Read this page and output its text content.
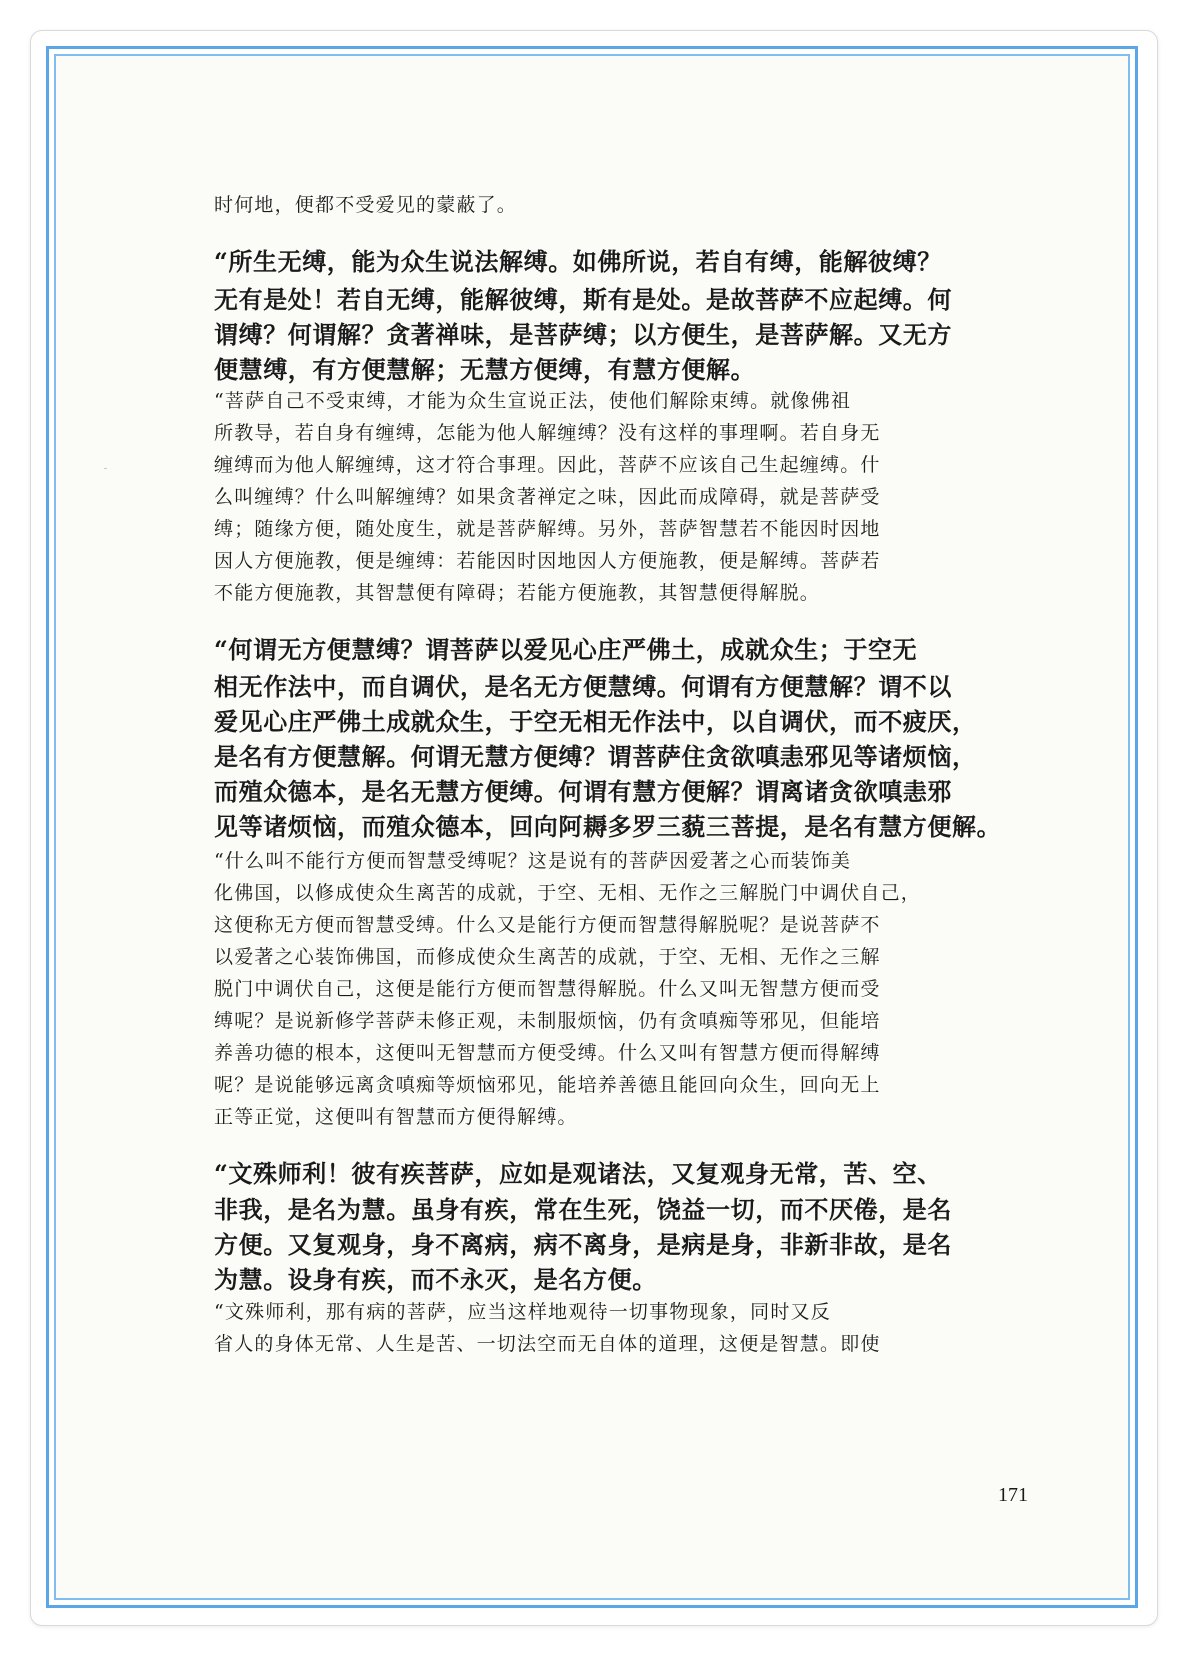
时何地，便都不受爱见的蒙蔽了。
“所生无缚，能为众生说法解缚。如佛所说，若自有缚，能解彼缚？
无有是处！若自无缚，能解彼缚，斯有是处。是故菩萨不应起缚。何
谓缚？何谓解？贪著禅味，是菩萨缚；以方便生，是菩萨解。又无方
便慧缚，有方便慧解；无慧方便缚，有慧方便解。
“菩萨自己不受束缚，才能为众生宣说正法，使他们解除束缚。就像佛祖
所教导，若自身有缠缚，怎能为他人解缠缚？没有这样的事理啊。若自身无
缠缚而为他人解缠缚，这才符合事理。因此，菩萨不应该自己生起缠缚。什
么叫缠缚？什么叫解缠缚？如果贪著禅定之味，因此而成障碍，就是菩萨受
缚；随缘方便，随处度生，就是菩萨解缚。另外，菩萨智慧若不能因时因地
因人方便施教，便是缠缚：若能因时因地因人方便施教，便是解缚。菩萨若
不能方便施教，其智慧便有障碍；若能方便施教，其智慧便得解脱。
“何谓无方便慧缚？谓菩萨以爱见心庄严佛土，成就众生；于空无
相无作法中，而自调伏，是名无方便慧缚。何谓有方便慧解？谓不以
爱见心庄严佛土成就众生，于空无相无作法中，以自调伏，而不疲厌，
是名有方便慧解。何谓无慧方便缚？谓菩萨住贪欲嗔恚邪见等诸烦恼，
而殖众德本，是名无慧方便缚。何谓有慧方便解？谓离诸贪欲嗔恚邪
见等诸烦恼，而殖众德本，回向阿耨多罗三藐三菩提，是名有慧方便解。
“什么叫不能行方便而智慧受缚呢？这是说有的菩萨因爱著之心而装饰美
化佛国，以修成使众生离苦的成就，于空、无相、无作之三解脱门中调伏自己，
这便称无方便而智慧受缚。什么又是能行方便而智慧得解脱呢？是说菩萨不
以爱著之心装饰佛国，而修成使众生离苦的成就，于空、无相、无作之三解
脱门中调伏自己，这便是能行方便而智慧得解脱。什么又叫无智慧方便而受
缚呢？是说新修学菩萨未修正观，未制服烦恼，仍有贪嗔痴等邪见，但能培
养善功德的根本，这便叫无智慧而方便受缚。什么又叫有智慧方便而得解缚
呢？是说能够远离贪嗔痴等烦恼邪见，能培养善德且能回向众生，回向无上
正等正觉，这便叫有智慧而方便得解缚。
“文殊师利！彼有疾菩萨，应如是观诸法，又复观身无常，苦、空、
非我，是名为慧。虽身有疾，常在生死，饶益一切，而不厌倦，是名
方便。又复观身，身不离病，病不离身，是病是身，非新非故，是名
为慧。设身有疾，而不永灭，是名方便。
“文殊师利，那有病的菩萨，应当这样地观待一切事物现象，同时又反
省人的身体无常、人生是苦、一切法空而无自体的道理，这便是智慧。即使
171
